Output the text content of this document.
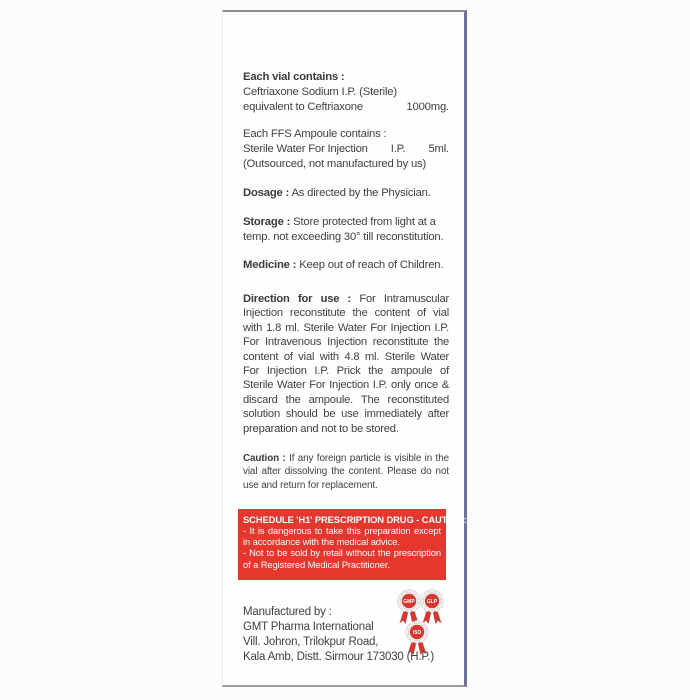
Each vial contains :
Ceftriaxone Sodium I.P. (Sterile)
equivalent to Ceftriaxone	1000mg.
Each FFS Ampoule contains :
Sterile Water For Injection I.P. 5ml.
(Outsourced, not manufactured by us)
Dosage : As directed by the Physician.
Storage : Store protected from light at a temp. not exceeding 30° till reconstitution.
Medicine : Keep out of reach of Children.
Direction for use : For Intramuscular Injection reconstitute the content of vial with 1.8 ml. Sterile Water For Injection I.P. For Intravenous Injection reconstitute the content of vial with 4.8 ml. Sterile Water For Injection I.P. Prick the ampoule of Sterile Water For Injection I.P. only once & discard the ampoule. The reconstituted solution should be use immediately after preparation and not to be stored.
Caution : If any foreign particle is visible in the vial after dissolving the content. Please do not use and return for replacement.
SCHEDULE 'H1' PRESCRIPTION DRUG - CAUTION:
- It is dangerous to take this preparation except in accordance with the medical advice.
- Not to be sold by retail without the prescription of a Registered Medical Practitioner.
GMP GLP
ISO
Manufactured by :
GMT Pharma International
Vill. Johron, Trilokpur Road,
Kala Amb, Distt. Sirmour 173030 (H.P.)
